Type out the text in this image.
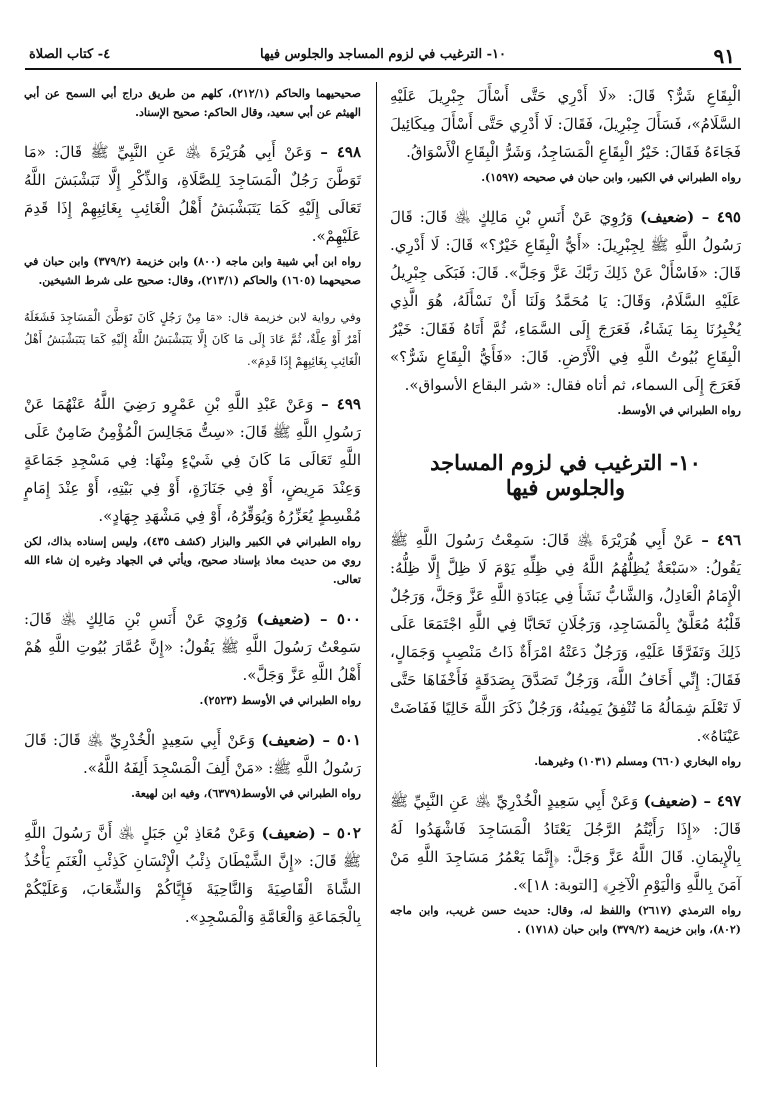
٩١
١٠- الترغيب في لزوم المساجد والجلوس فيها
٤- كتاب الصلاة

الْبِقَاعِ شَرٌّ؟ قَالَ: «لَا أَدْرِي حَتَّى أَسْأَلَ جِبْرِيلَ عَلَيْهِ السَّلَامُ»، فَسَأَلَ جِبْرِيلَ، فَقَالَ: لَا أَدْرِي حَتَّى أَسْأَلَ مِيكَائِيلَ فَجَاءَهُ فَقَالَ: خَيْرُ الْبِقَاعِ الْمَسَاجِدُ، وَشَرُّ الْبِقَاعِ الْأَسْوَاقُ.

رواه الطبراني في الكبير، وابن حبان في صحيحه (١٥٩٧).

٤٩٥ – (ضعيف) وَرُوِيَ عَنْ أَنَسِ بْنِ مَالِكٍ ﵁ قَالَ: قَالَ رَسُولُ اللَّهِ ﷺ لِجِبْرِيلَ: «أَيُّ الْبِقَاعِ خَيْرٌ؟» قَالَ: لَا أَدْرِي. قَالَ: «فَاسْأَلْ عَنْ ذَلِكَ رَبَّكَ عَزَّ وَجَلَّ». قَالَ: فَبَكَى جِبْرِيلُ عَلَيْهِ السَّلَامُ، وَقَالَ: يَا مُحَمَّدُ وَلَنَا أَنْ نَسْأَلَهُ، هُوَ الَّذِي يُخْبِرُنَا بِمَا يَشَاءُ، فَعَرَجَ إِلَى السَّمَاءِ، ثُمَّ أَتَاهُ فَقَالَ: خَيْرُ الْبِقَاعِ بُيُوتُ اللَّهِ فِي الْأَرْضِ. قَالَ: «فَأَيُّ الْبِقَاعِ شَرٌّ؟» فَعَرَجَ إِلَى السماء، ثم أتاه فقال: «شر البقاع الأسواق».

رواه الطبراني في الأوسط.

١٠- الترغيب في لزوم المساجد والجلوس فيها

٤٩٦ – عَنْ أَبِي هُرَيْرَةَ ﵁ قَالَ: سَمِعْتُ رَسُولَ اللَّهِ ﷺ يَقُولُ: «سَبْعَةٌ يُظِلُّهُمُ اللَّهُ فِي ظِلِّهِ يَوْمَ لَا ظِلَّ إِلَّا ظِلُّهُ: الْإِمَامُ الْعَادِلُ، وَالشَّابُّ نَشَأَ فِي عِبَادَةِ اللَّهِ عَزَّ وَجَلَّ، وَرَجُلٌ قَلْبُهُ مُعَلَّقٌ بِالْمَسَاجِدِ، وَرَجُلَانِ تَحَابَّا فِي اللَّهِ اجْتَمَعَا عَلَى ذَلِكَ وَتَفَرَّقَا عَلَيْهِ، وَرَجُلٌ دَعَتْهُ امْرَأَةٌ ذَاتُ مَنْصِبٍ وَجَمَالٍ، فَقَالَ: إِنِّي أَخَافُ اللَّهَ، وَرَجُلٌ تَصَدَّقَ بِصَدَقَةٍ فَأَخْفَاهَا حَتَّى لَا تَعْلَمَ شِمَالُهُ مَا تُنْفِقُ يَمِينُهُ، وَرَجُلٌ ذَكَرَ اللَّهَ خَالِيًا فَفَاضَتْ عَيْنَاهُ».

رواه البخاري (٦٦٠) ومسلم (١٠٣١) وغيرهما.

٤٩٧ – (ضعيف) وَعَنْ أَبِي سَعِيدٍ الْخُدْرِيِّ ﵁ عَنِ النَّبِيِّ ﷺ قَالَ: «إِذَا رَأَيْتُمُ الرَّجُلَ يَعْتَادُ الْمَسَاجِدَ فَاشْهَدُوا لَهُ بِالْإِيمَانِ. قَالَ اللَّهُ عَزَّ وَجَلَّ: ﴿إِنَّمَا يَعْمُرُ مَسَاجِدَ اللَّهِ مَنْ آمَنَ بِاللَّهِ وَالْيَوْمِ الْآخِرِ﴾ [التوبة: ١٨]».

رواه الترمذي (٢٦١٧) واللفظ له، وقال: حديث حسن غريب، وابن ماجه (٨٠٢)، وابن خزيمة (٣٧٩/٢) وابن حبان (١٧١٨) .

صحيحيهما والحاكم (٢١٢/١)، كلهم من طريق دراج أبي السمح عن أبي الهيثم عن أبي سعيد، وقال الحاكم: صحيح الإسناد.

٤٩٨ – وَعَنْ أَبِي هُرَيْرَةَ ﵁ عَنِ النَّبِيِّ ﷺ قَالَ: «مَا تَوَطَّنَ رَجُلٌ الْمَسَاجِدَ لِلصَّلَاةِ، وَالذِّكْرِ إِلَّا تَبَشْبَشَ اللَّهُ تَعَالَى إِلَيْهِ كَمَا يَتَبَشْبَشُ أَهْلُ الْغَائِبِ بِغَائِبِهِمْ إِذَا قَدِمَ عَلَيْهِمْ».

رواه ابن أبي شيبة وابن ماجه (٨٠٠) وابن خزيمة (٣٧٩/٢) وابن حبان في صحيحهما (١٦٠٥) والحاكم (٢١٣/١)، وقال: صحيح على شرط الشيخين.

وفي رواية لابن خزيمة قال: «مَا مِنْ رَجُلٍ كَانَ تَوَطَّنَ الْمَسَاجِدَ فَشَغَلَهُ أَمْرٌ أَوْ عِلَّةٌ، ثُمَّ عَادَ إِلَى مَا كَانَ إِلَّا يَتَبَشْبَشُ اللَّهُ إِلَيْهِ كَمَا يَتَبَشْبَشُ أَهْلُ الْغَائِبِ بِغَائِبِهِمْ إِذَا قَدِمَ».

٤٩٩ – وَعَنْ عَبْدِ اللَّهِ بْنِ عَمْرٍو رَضِيَ اللَّهُ عَنْهُمَا عَنْ رَسُولِ اللَّهِ ﷺ قَالَ: «سِتُّ مَجَالِسَ الْمُؤْمِنُ ضَامِنٌ عَلَى اللَّهِ تَعَالَى مَا كَانَ فِي شَيْءٍ مِنْهَا: فِي مَسْجِدِ جَمَاعَةٍ وَعِنْدَ مَرِيضٍ، أَوْ فِي جَنَازَةٍ، أَوْ فِي بَيْتِهِ، أَوْ عِنْدَ إِمَامٍ مُقْسِطٍ يُعَزِّرُهُ وَيُوَقِّرُهُ، أَوْ فِي مَشْهَدِ جِهَادٍ».

رواه الطبراني في الكبير والبزار (كشف ٤٣٥)، وليس إسناده بذاك، لكن روي من حديث معاذ بإسناد صحيح، ويأتي في الجهاد وغيره إن شاء الله تعالى.

٥٠٠ – (ضعيف) وَرُوِيَ عَنْ أَنَسِ بْنِ مَالِكٍ ﵁ قَالَ: سَمِعْتُ رَسُولَ اللَّهِ ﷺ يَقُولُ: «إِنَّ عُمَّارَ بُيُوتِ اللَّهِ هُمْ أَهْلُ اللَّهِ عَزَّ وَجَلَّ».

رواه الطبراني في الأوسط (٢٥٢٣).

٥٠١ – (ضعيف) وَعَنْ أَبِي سَعِيدٍ الْخُدْرِيِّ ﵁ قَالَ: قَالَ رَسُولُ اللَّهِ ﷺ: «مَنْ أَلِفَ الْمَسْجِدَ أَلِفَهُ اللَّهُ».

رواه الطبراني في الأوسط(٦٣٧٩)، وفيه ابن لهيعة.

٥٠٢ – (ضعيف) وَعَنْ مُعَاذِ بْنِ جَبَلٍ ﵁ أَنَّ رَسُولَ اللَّهِ ﷺ قَالَ: «إِنَّ الشَّيْطَانَ ذِئْبُ الْإِنْسَانِ كَذِئْبِ الْغَنَمِ يَأْخُذُ الشَّاةَ الْقَاصِيَةَ وَالنَّاحِيَةَ فَإِيَّاكُمْ وَالشِّعَابَ، وَعَلَيْكُمْ بِالْجَمَاعَةِ وَالْعَامَّةِ وَالْمَسْجِدِ».
